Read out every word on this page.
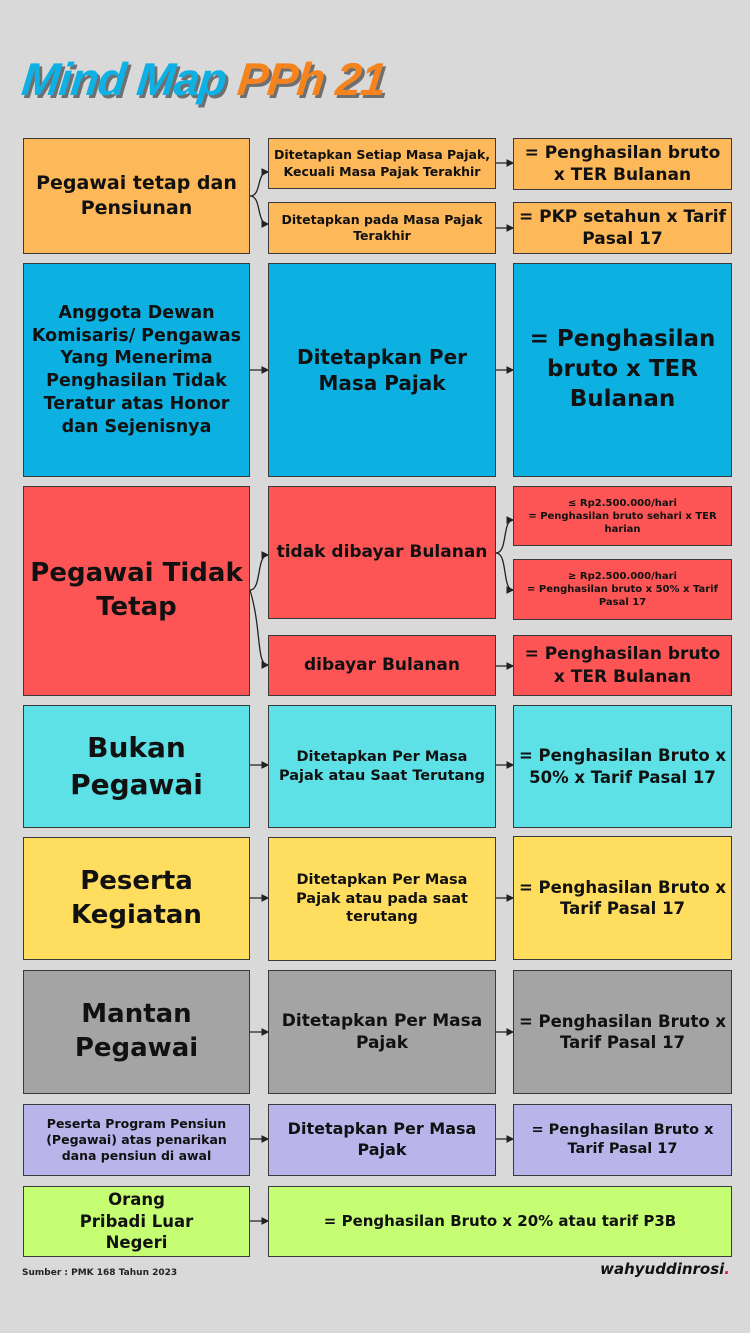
Mind Map PPh 21
Pegawai tetap dan Pensiunan
Ditetapkan Setiap Masa Pajak, Kecuali Masa Pajak Terakhir
Ditetapkan pada Masa Pajak Terakhir
= Penghasilan bruto x TER Bulanan
= PKP setahun x Tarif Pasal 17
Anggota Dewan Komisaris/ Pengawas Yang Menerima Penghasilan Tidak Teratur atas Honor dan Sejenisnya
Ditetapkan Per Masa Pajak
= Penghasilan bruto x TER Bulanan
Pegawai Tidak Tetap
tidak dibayar Bulanan
dibayar Bulanan
≤ Rp2.500.000/hari
= Penghasilan bruto sehari x TER harian
≥ Rp2.500.000/hari
= Penghasilan bruto x 50% x Tarif Pasal 17
= Penghasilan bruto x TER Bulanan
Bukan Pegawai
Ditetapkan Per Masa Pajak atau Saat Terutang
= Penghasilan Bruto x 50% x Tarif Pasal 17
Peserta Kegiatan
Ditetapkan Per Masa Pajak atau pada saat terutang
= Penghasilan Bruto x Tarif Pasal 17
Mantan Pegawai
Ditetapkan Per Masa Pajak
= Penghasilan Bruto x Tarif Pasal 17
Peserta Program Pensiun (Pegawai) atas penarikan dana pensiun di awal
Ditetapkan Per Masa Pajak
= Penghasilan Bruto x Tarif Pasal 17
Orang Pribadi Luar Negeri
= Penghasilan Bruto x 20% atau tarif P3B
Sumber : PMK 168 Tahun 2023	wahyuddinrosi.
